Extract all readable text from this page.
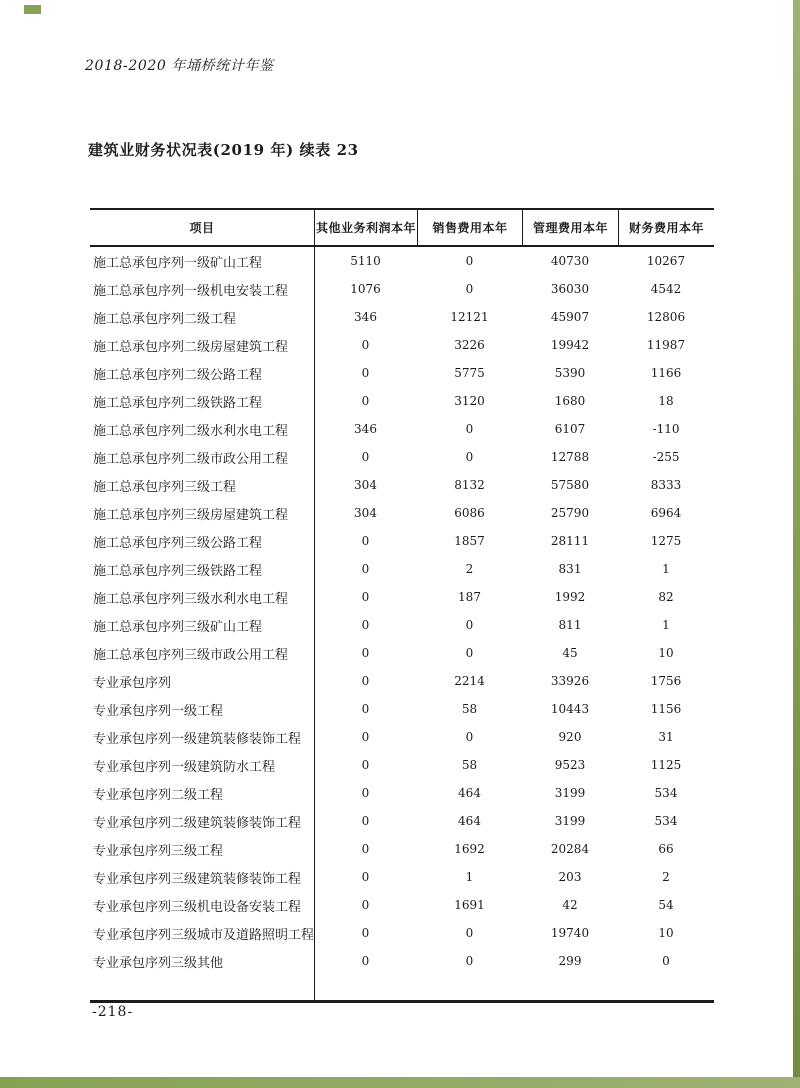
2018-2020 年埇桥统计年鉴
建筑业财务状况表(2019 年) 续表 23
项目	其他业务利润本年	销售费用本年	管理费用本年	财务费用本年
施工总承包序列一级矿山工程	5110	0	40730	10267
施工总承包序列一级机电安装工程	1076	0	36030	4542
施工总承包序列二级工程	346	12121	45907	12806
施工总承包序列二级房屋建筑工程	0	3226	19942	11987
施工总承包序列二级公路工程	0	5775	5390	1166
施工总承包序列二级铁路工程	0	3120	1680	18
施工总承包序列二级水利水电工程	346	0	6107	-110
施工总承包序列二级市政公用工程	0	0	12788	-255
施工总承包序列三级工程	304	8132	57580	8333
施工总承包序列三级房屋建筑工程	304	6086	25790	6964
施工总承包序列三级公路工程	0	1857	28111	1275
施工总承包序列三级铁路工程	0	2	831	1
施工总承包序列三级水利水电工程	0	187	1992	82
施工总承包序列三级矿山工程	0	0	811	1
施工总承包序列三级市政公用工程	0	0	45	10
专业承包序列	0	2214	33926	1756
专业承包序列一级工程	0	58	10443	1156
专业承包序列一级建筑装修装饰工程	0	0	920	31
专业承包序列一级建筑防水工程	0	58	9523	1125
专业承包序列二级工程	0	464	3199	534
专业承包序列二级建筑装修装饰工程	0	464	3199	534
专业承包序列三级工程	0	1692	20284	66
专业承包序列三级建筑装修装饰工程	0	1	203	2
专业承包序列三级机电设备安装工程	0	1691	42	54
专业承包序列三级城市及道路照明工程	0	0	19740	10
专业承包序列三级其他	0	0	299	0
-218-
